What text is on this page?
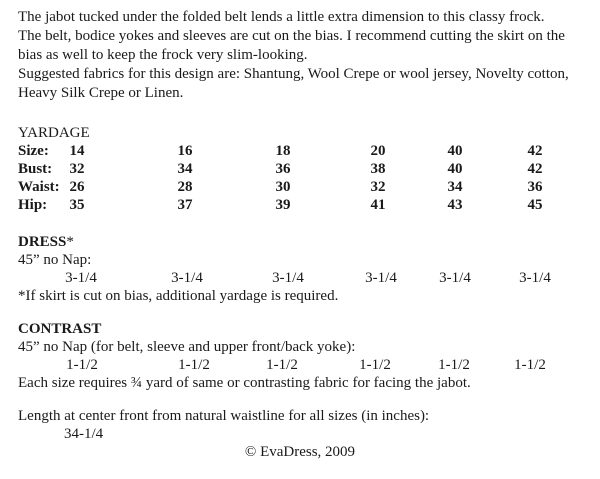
The jabot tucked under the folded belt lends a little extra dimension to this classy frock.
The belt, bodice yokes and sleeves are cut on the bias. I recommend cutting the skirt on the
bias as well to keep the frock very slim-looking.
Suggested fabrics for this design are: Shantung, Wool Crepe or wool jersey, Novelty cotton,
Heavy Silk Crepe or Linen.
YARDAGE
Size:	14	16	18	20	40	42
Bust:	32	34	36	38	40	42
Waist: 26	28	30	32	34	36
Hip:	35	37	39	41	43	45
DRESS*
45” no Nap:
3-1/4	3-1/4	3-1/4	3-1/4	3-1/4	3-1/4
*If skirt is cut on bias, additional yardage is required.
CONTRAST
45” no Nap (for belt, sleeve and upper front/back yoke):
1-1/2	1-1/2	1-1/2	1-1/2	1-1/2	1-1/2
Each size requires ¾ yard of same or contrasting fabric for facing the jabot.
Length at center front from natural waistline for all sizes (in inches):
34-1/4
© EvaDress, 2009
